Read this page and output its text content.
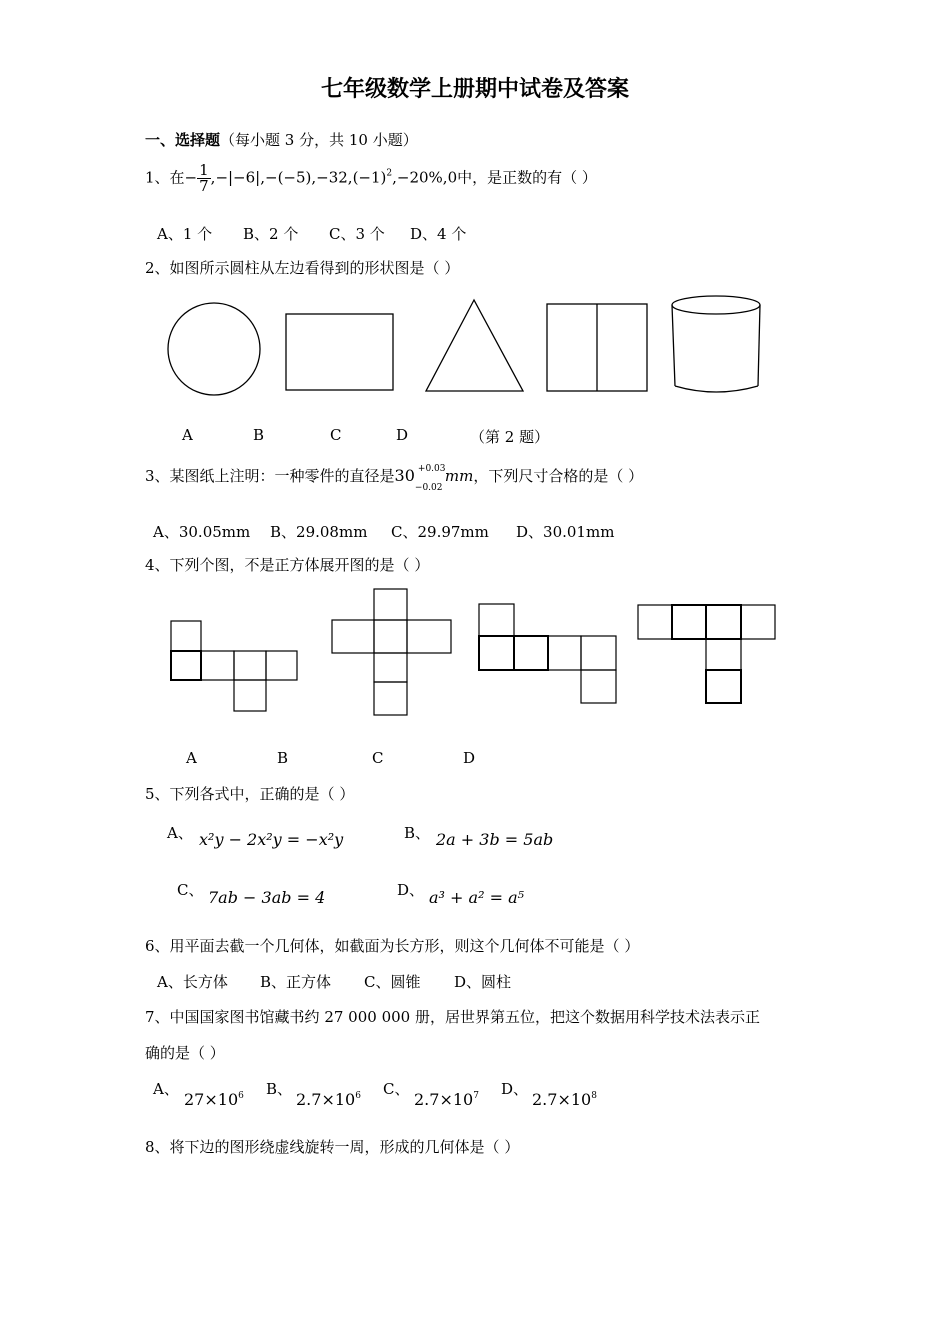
七年级数学上册期中试卷及答案
一、选择题（每小题 3 分，共 10 小题）
1、在− $\frac{1}{7} ,-|-6|,-(-5),-32,(-1)^2,-20\%,0$中，是正数的有（ ）
A、1 个 B、2 个 C、3 个 D、4 个
2、如图所示圆柱从左边看得到的形状图是（ ）
A	B	C	D	（第 2 题）
3、某图纸上注明：一种零件的直径是30 +0.03
−0.02
mm，下列尺寸合格的是（ ）
A、30.05mm B、29.08mm C、29.97mm D、30.01mm
4、下列个图，不是正方体展开图的是（ ）
A	B	C	D
5、下列各式中，正确的是（ ）
A、 x²y − 2x²y = −x²y	B、 2a + 3b = 5ab
C、 7ab − 3ab = 4	D、 a³ + a² = a⁵
6、用平面去截一个几何体，如截面为长方形，则这个几何体不可能是（ ）
A、长方体 B、正方体 C、圆锥 D、圆柱
7、中国国家图书馆藏书约 27 000 000 册，居世界第五位，把这个数据用科学技术法表示正
确的是（ ）
A、
$27\times 10^6$ B、
$2.7\times 10^6$ C、
$2.7\times 10^7$ D、
$2.7\times 10^8$
8、将下边的图形绕虚线旋转一周，形成的几何体是（ ）
